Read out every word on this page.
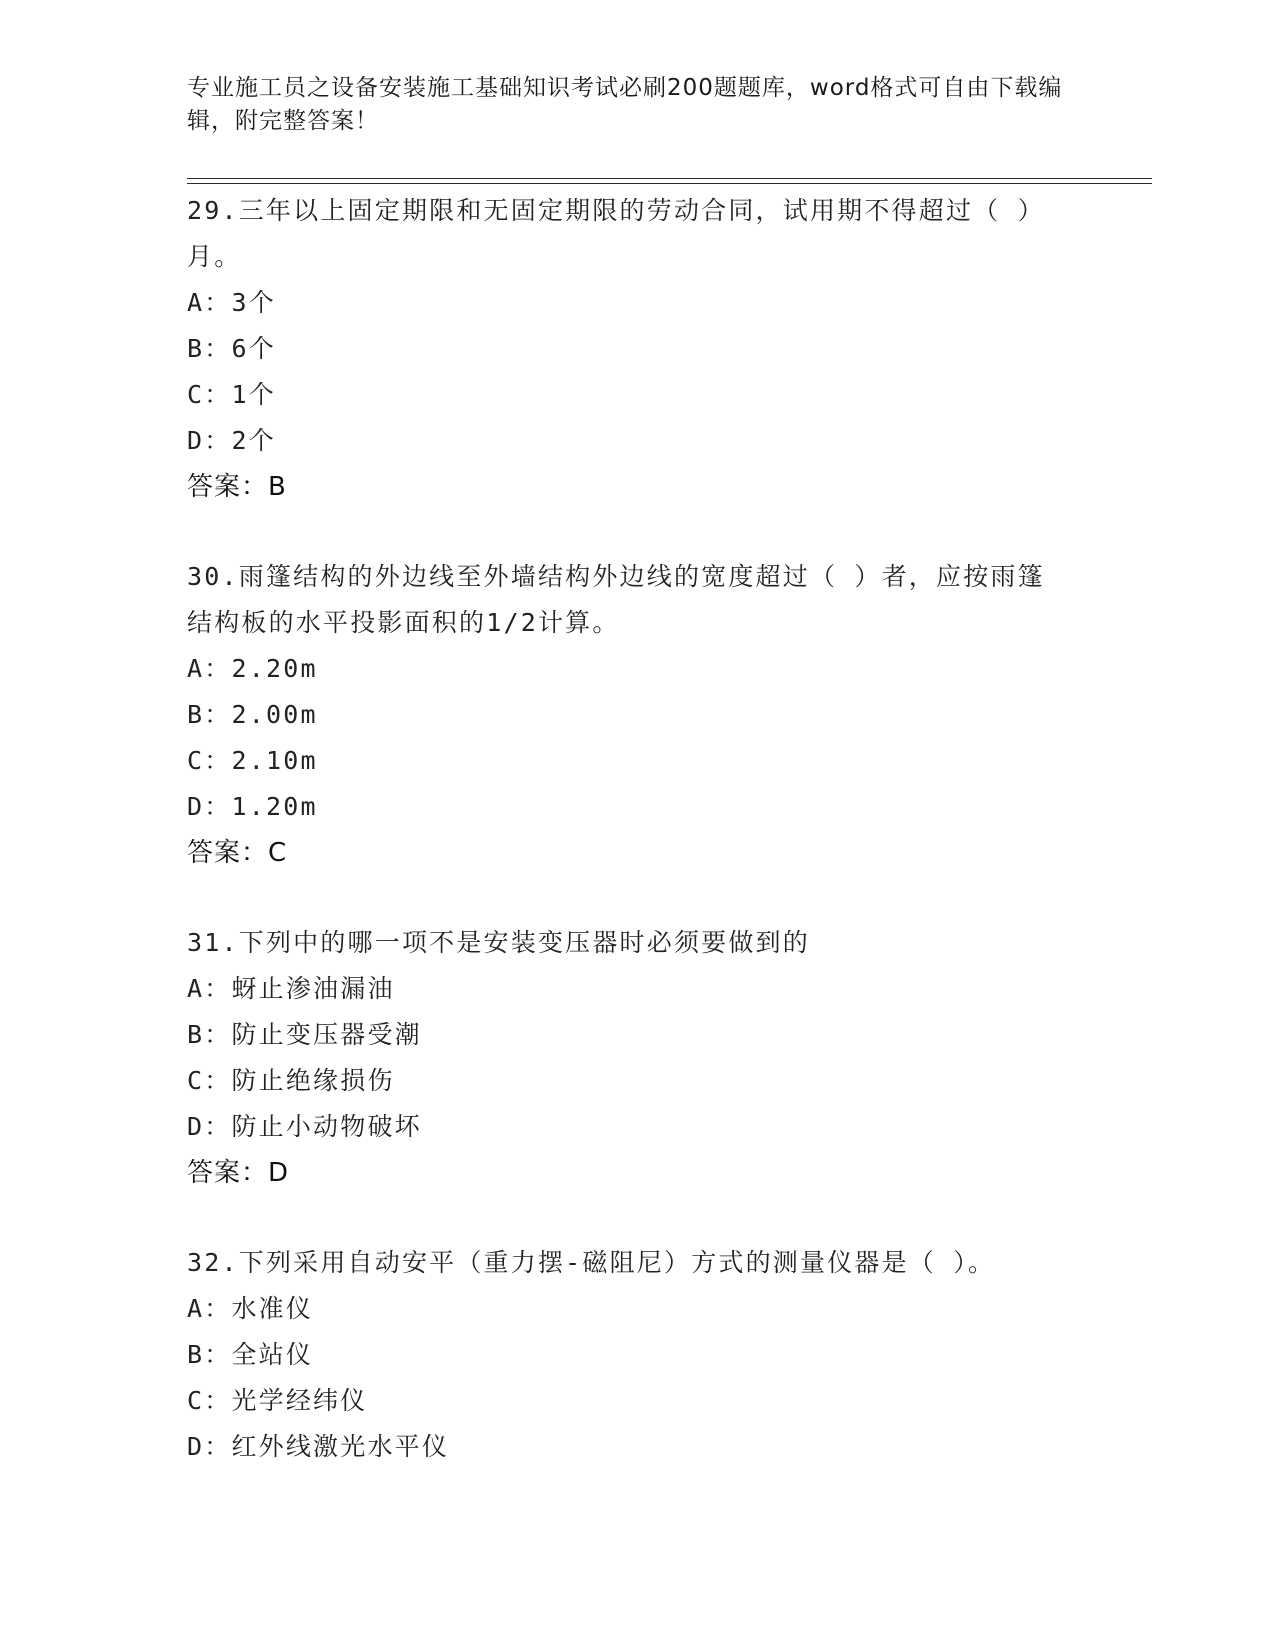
专业施工员之设备安装施工基础知识考试必刷200题题库，word格式可自由下载编辑，附完整答案！

29.三年以上固定期限和无固定期限的劳动合同，试用期不得超过（ ）月。

A：3个

B：6个

C：1个

D：2个

答案：B

30.雨篷结构的外边线至外墙结构外边线的宽度超过（ ）者，应按雨篷结构板的水平投影面积的1/2计算。

A：2.20m

B：2.00m

C：2.10m

D：1.20m

答案：C

31.下列中的哪一项不是安装变压器时必须要做到的

A：蚜止渗油漏油

B：防止变压器受潮

C：防止绝缘损伤

D：防止小动物破坏

答案：D

32.下列采用自动安平（重力摆-磁阻尼）方式的测量仪器是（ ）。

A：水准仪

B：全站仪

C：光学经纬仪

D：红外线激光水平仪
